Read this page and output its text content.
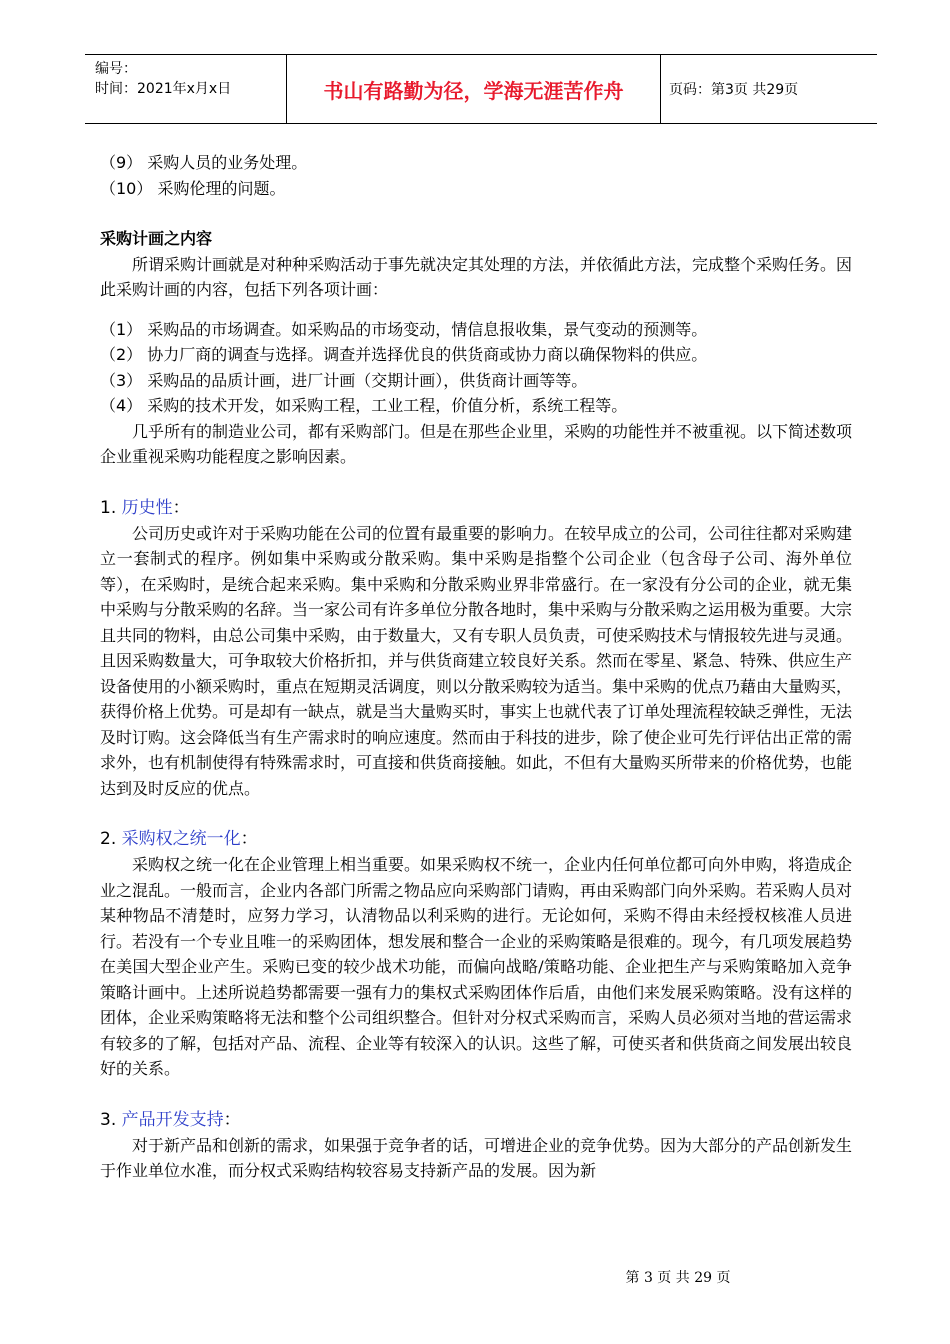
编号：
时间：2021年x月x日	书山有路勤为径，学海无涯苦作舟	页码：第3页 共29页
（9） 采购人员的业务处理。
（10） 采购伦理的问题。
采购计画之内容
所谓采购计画就是对种种采购活动于事先就决定其处理的方法，并依循此方法，完成整个采购任务。因此采购计画的内容，包括下列各项计画：
（1） 采购品的市场调查。如采购品的市场变动，情信息报收集，景气变动的预测等。
（2） 协力厂商的调查与选择。调查并选择优良的供货商或协力商以确保物料的供应。
（3） 采购品的品质计画，进厂计画（交期计画），供货商计画等等。
（4） 采购的技术开发，如采购工程，工业工程，价值分析，系统工程等。
几乎所有的制造业公司，都有采购部门。但是在那些企业里，采购的功能性并不被重视。以下简述数项企业重视采购功能程度之影响因素。
1. 历史性：
公司历史或许对于采购功能在公司的位置有最重要的影响力。在较早成立的公司，公司往往都对采购建立一套制式的程序。例如集中采购或分散采购。集中采购是指整个公司企业（包含母子公司、海外单位等），在采购时，是统合起来采购。集中采购和分散采购业界非常盛行。在一家没有分公司的企业，就无集中采购与分散采购的名辞。当一家公司有许多单位分散各地时，集中采购与分散采购之运用极为重要。大宗且共同的物料，由总公司集中采购，由于数量大，又有专职人员负责，可使采购技术与情报较先进与灵通。且因采购数量大，可争取较大价格折扣，并与供货商建立较良好关系。然而在零星、紧急、特殊、供应生产设备使用的小额采购时，重点在短期灵活调度，则以分散采购较为适当。集中采购的优点乃藉由大量购买，获得价格上优势。可是却有一缺点，就是当大量购买时，事实上也就代表了订单处理流程较缺乏弹性，无法及时订购。这会降低当有生产需求时的响应速度。然而由于科技的进步，除了使企业可先行评估出正常的需求外，也有机制使得有特殊需求时，可直接和供货商接触。如此，不但有大量购买所带来的价格优势，也能达到及时反应的优点。
2. 采购权之统一化：
采购权之统一化在企业管理上相当重要。如果采购权不统一，企业内任何单位都可向外申购，将造成企业之混乱。一般而言，企业内各部门所需之物品应向采购部门请购，再由采购部门向外采购。若采购人员对某种物品不清楚时，应努力学习，认清物品以利采购的进行。无论如何，采购不得由未经授权核准人员进行。若没有一个专业且唯一的采购团体，想发展和整合一企业的采购策略是很难的。现今，有几项发展趋势在美国大型企业产生。采购已变的较少战术功能，而偏向战略/策略功能、企业把生产与采购策略加入竞争策略计画中。上述所说趋势都需要一强有力的集权式采购团体作后盾，由他们来发展采购策略。没有这样的团体，企业采购策略将无法和整个公司组织整合。但针对分权式采购而言，采购人员必须对当地的营运需求有较多的了解，包括对产品、流程、企业等有较深入的认识。这些了解，可使买者和供货商之间发展出较良好的关系。
3. 产品开发支持：
对于新产品和创新的需求，如果强于竞争者的话，可增进企业的竞争优势。因为大部分的产品创新发生于作业单位水准，而分权式采购结构较容易支持新产品的发展。因为新
第 3 页 共 29 页
